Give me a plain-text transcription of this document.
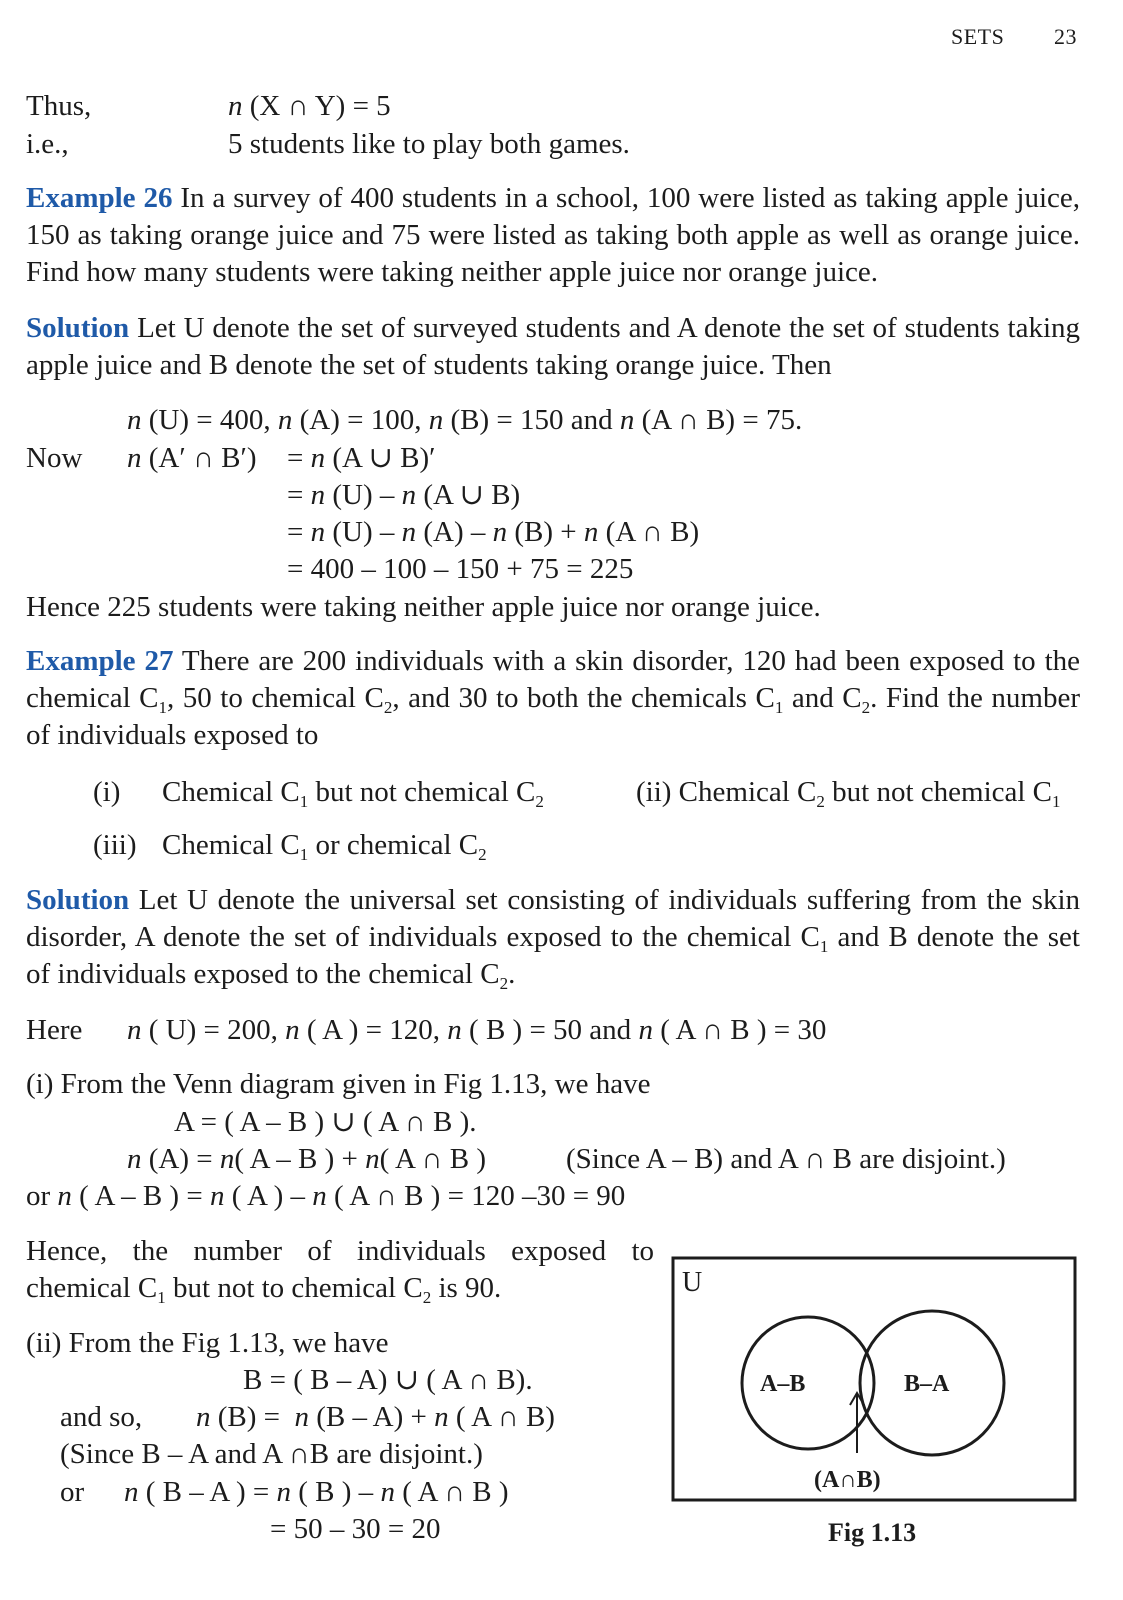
SETS 23
Thus,	n (X ∩ Y) = 5
i.e.,	5 students like to play both games.
Example 26 In a survey of 400 students in a school, 100 were listed as taking apple juice, 150 as taking orange juice and 75 were listed as taking both apple as well as orange juice. Find how many students were taking neither apple juice nor orange juice.
Solution Let U denote the set of surveyed students and A denote the set of students taking apple juice and B denote the set of students taking orange juice. Then
n (U) = 400, n (A) = 100, n (B) = 150 and n (A ∩ B) = 75.
Now n (A′ ∩ B′) = n (A ∪ B)′
= n (U) – n (A ∪ B)
= n (U) – n (A) – n (B) + n (A ∩ B)
= 400 – 100 – 150 + 75 = 225
Hence 225 students were taking neither apple juice nor orange juice.
Example 27 There are 200 individuals with a skin disorder, 120 had been exposed to the chemical $C_1$, 50 to chemical $C_2$, and 30 to both the chemicals $C_1$ and $C_2$. Find the number of individuals exposed to
(i) Chemical $C_1$ but not chemical $C_2$	(ii) Chemical $C_2$ but not chemical $C_1$
(iii) Chemical $C_1$ or chemical $C_2$
Solution Let U denote the universal set consisting of individuals suffering from the skin disorder, A denote the set of individuals exposed to the chemical $C_1$ and B denote the set of individuals exposed to the chemical $C_2$.
Here n ( U) = 200, n ( A ) = 120, n ( B ) = 50 and n ( A ∩ B ) = 30
(i) From the Venn diagram given in Fig 1.13, we have
A = ( A – B ) ∪ ( A ∩ B ).
n (A) = n( A – B ) + n( A ∩ B )	(Since A – B) and A ∩ B are disjoint.)
or n ( A – B ) = n ( A ) – n ( A ∩ B ) = 120 –30 = 90
Hence, the number of individuals exposed to chemical $C_1$ but not to chemical $C_2$ is 90.
(ii) From the Fig 1.13, we have
B = ( B – A) ∪ ( A ∩ B).
and so, n (B) =  n (B – A) + n ( A ∩ B)
(Since B – A and A ∩B are disjoint.)
or n ( B – A ) = n ( B ) – n ( A ∩ B )
= 50 – 30 = 20
U
A–B	B–A
(A∩B)
Fig 1.13
